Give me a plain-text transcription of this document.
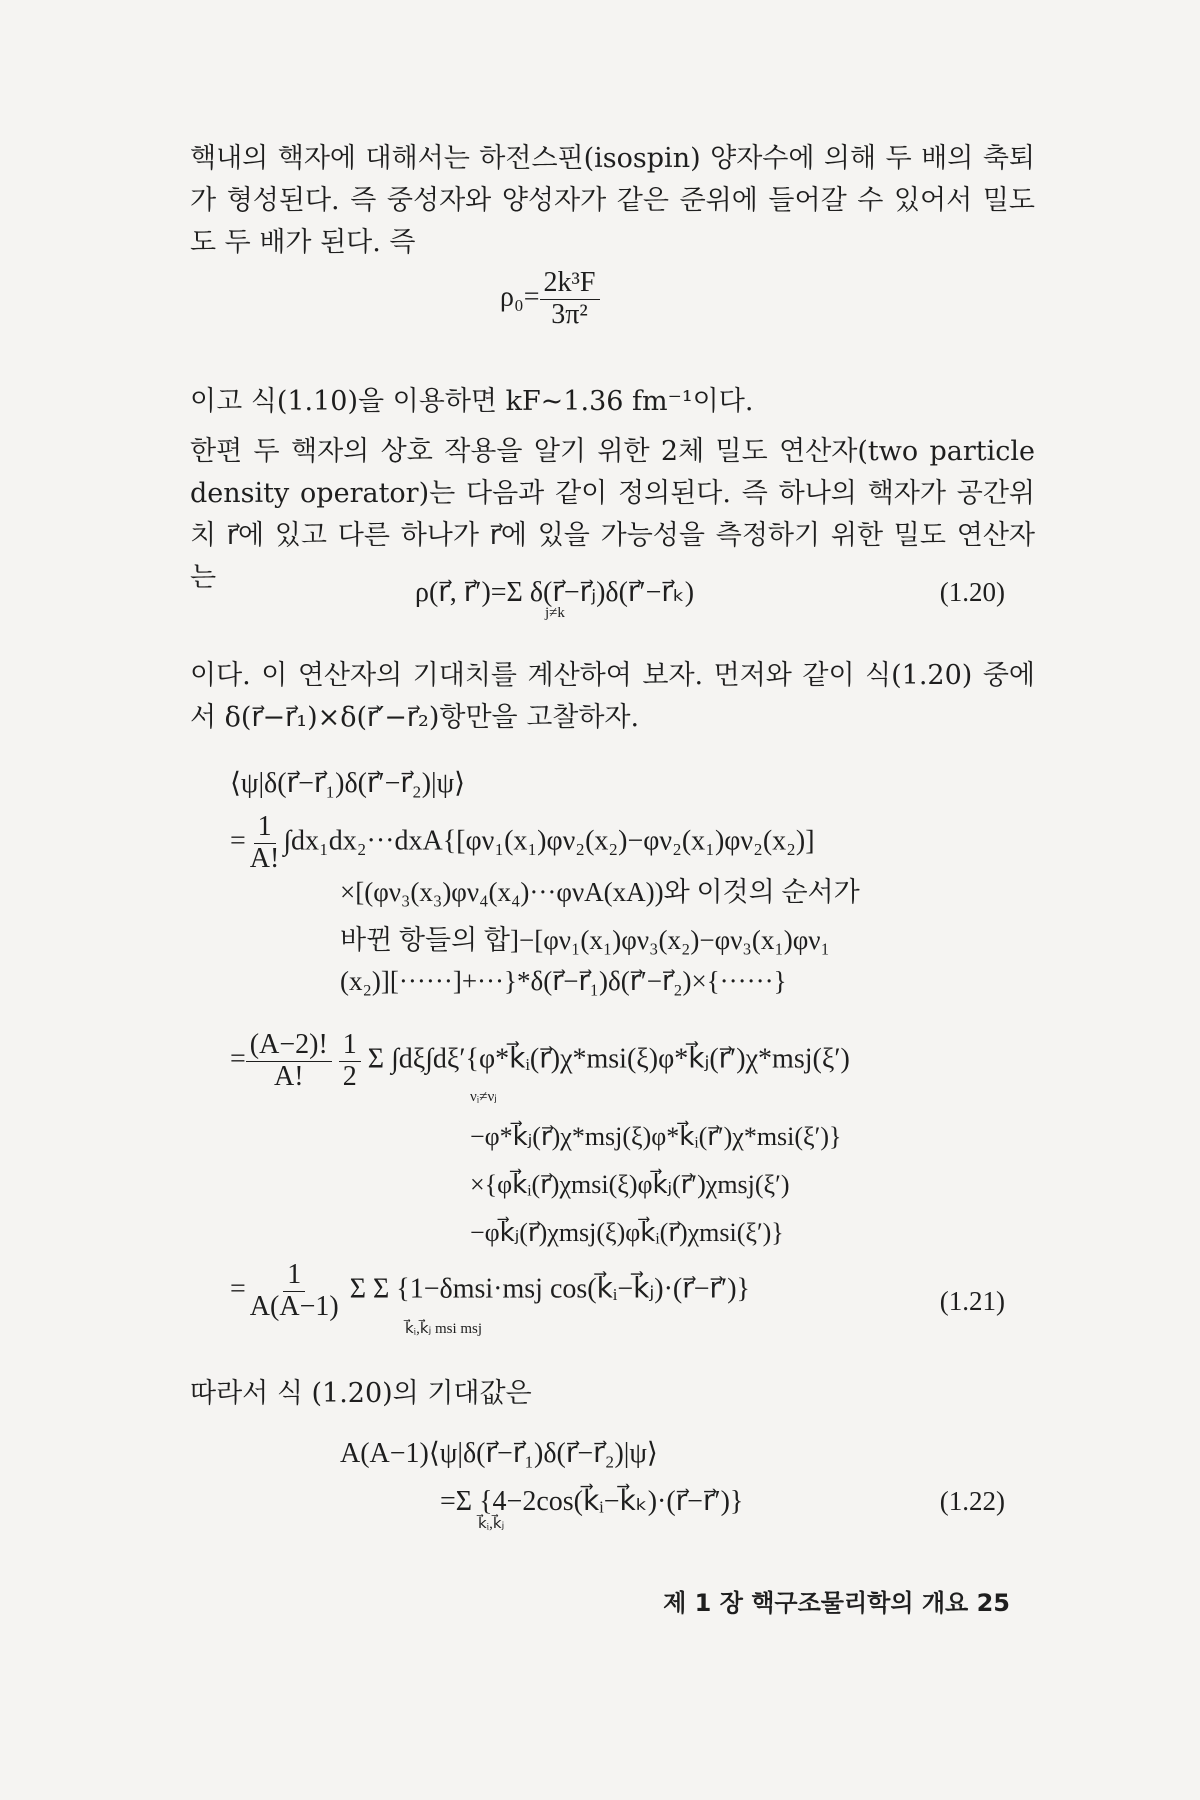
핵내의 핵자에 대해서는 하전스핀(isospin) 양자수에 의해 두 배의 축퇴가 형성된다. 즉 중성자와 양성자가 같은 준위에 들어갈 수 있어서 밀도도 두 배가 된다. 즉
$\rho_0= \frac{\text{2k³F}}{\text{3π²}}$
이고 식(1.10)을 이용하면 kF~1.36 fm⁻¹이다.
한편 두 핵자의 상호 작용을 알기 위한 2체 밀도 연산자(two particle density operator)는 다음과 같이 정의된다. 즉 하나의 핵자가 공간위치 r⃗에 있고 다른 하나가 r⃗에 있을 가능성을 측정하기 위한 밀도 연산자는	ρ(r⃗, r⃗′)=Σ δ(r⃗−r⃗ⱼ)δ(r⃗′−r⃗ₖ)
j≠k
(1.20)
이다. 이 연산자의 기대치를 계산하여 보자. 먼저와 같이 식(1.20) 중에서 δ(r⃗−r⃗₁)×δ(r⃗′−r⃗₂)항만을 고찰하자.
⟨ψ|δ(r⃗−r⃗₁)δ(r⃗′−r⃗₂)|ψ⟩
= $\frac{1}{A!} \int dx_1dx_2\cdot\cdot\cdot dxA\{[\varphi\nu_1(x_1)\varphi\nu_2(x_2)-\varphi\nu_2(x_1)\varphi\nu_2(x_2)]$
×[(φν₃(x₃)φν₄(x₄)···φνA(xA))와 이것의 순서가
바뀐 항들의 합]−[φν₁(x₁)φν₃(x₂)−φν₃(x₁)φν₁
(x₂)][······]+···}*δ(r⃗−r⃗₁)δ(r⃗′−r⃗₂)×{······}
= $\frac{(A-2)!}{A!}$
$\frac{1}{2}$ Σ ∫dξ∫dξ′{φ*k⃗ᵢ(r⃗)χ*msi(ξ)φ*k⃗ⱼ(r⃗′)χ*msj(ξ′)
νᵢ≠νⱼ
−φ*k⃗ⱼ(r⃗)χ*msj(ξ)φ*k⃗ᵢ(r⃗′)χ*msi(ξ′)}
×{φk⃗ᵢ(r⃗)χmsi(ξ)φk⃗ⱼ(r⃗′)χmsj(ξ′)
−φk⃗ⱼ(r⃗)χmsj(ξ)φk⃗ᵢ(r⃗)χmsi(ξ′)}
= $\frac{1}{A(A-1)}$ Σ Σ {1−δmsi·msj cos(k⃗ᵢ−k⃗ⱼ)·(r⃗−r⃗′)}
k⃗ᵢ,k⃗ⱼ msi msj
(1.21)
따라서 식 (1.20)의 기대값은
A(A−1)⟨ψ|δ(r⃗−r⃗₁)δ(r⃗−r⃗₂)|ψ⟩
=Σ {4−2cos(k⃗ᵢ−k⃗ₖ)·(r⃗−r⃗′)}
k⃗ᵢ,k⃗ⱼ
(1.22)
제 1 장 핵구조물리학의 개요 25
